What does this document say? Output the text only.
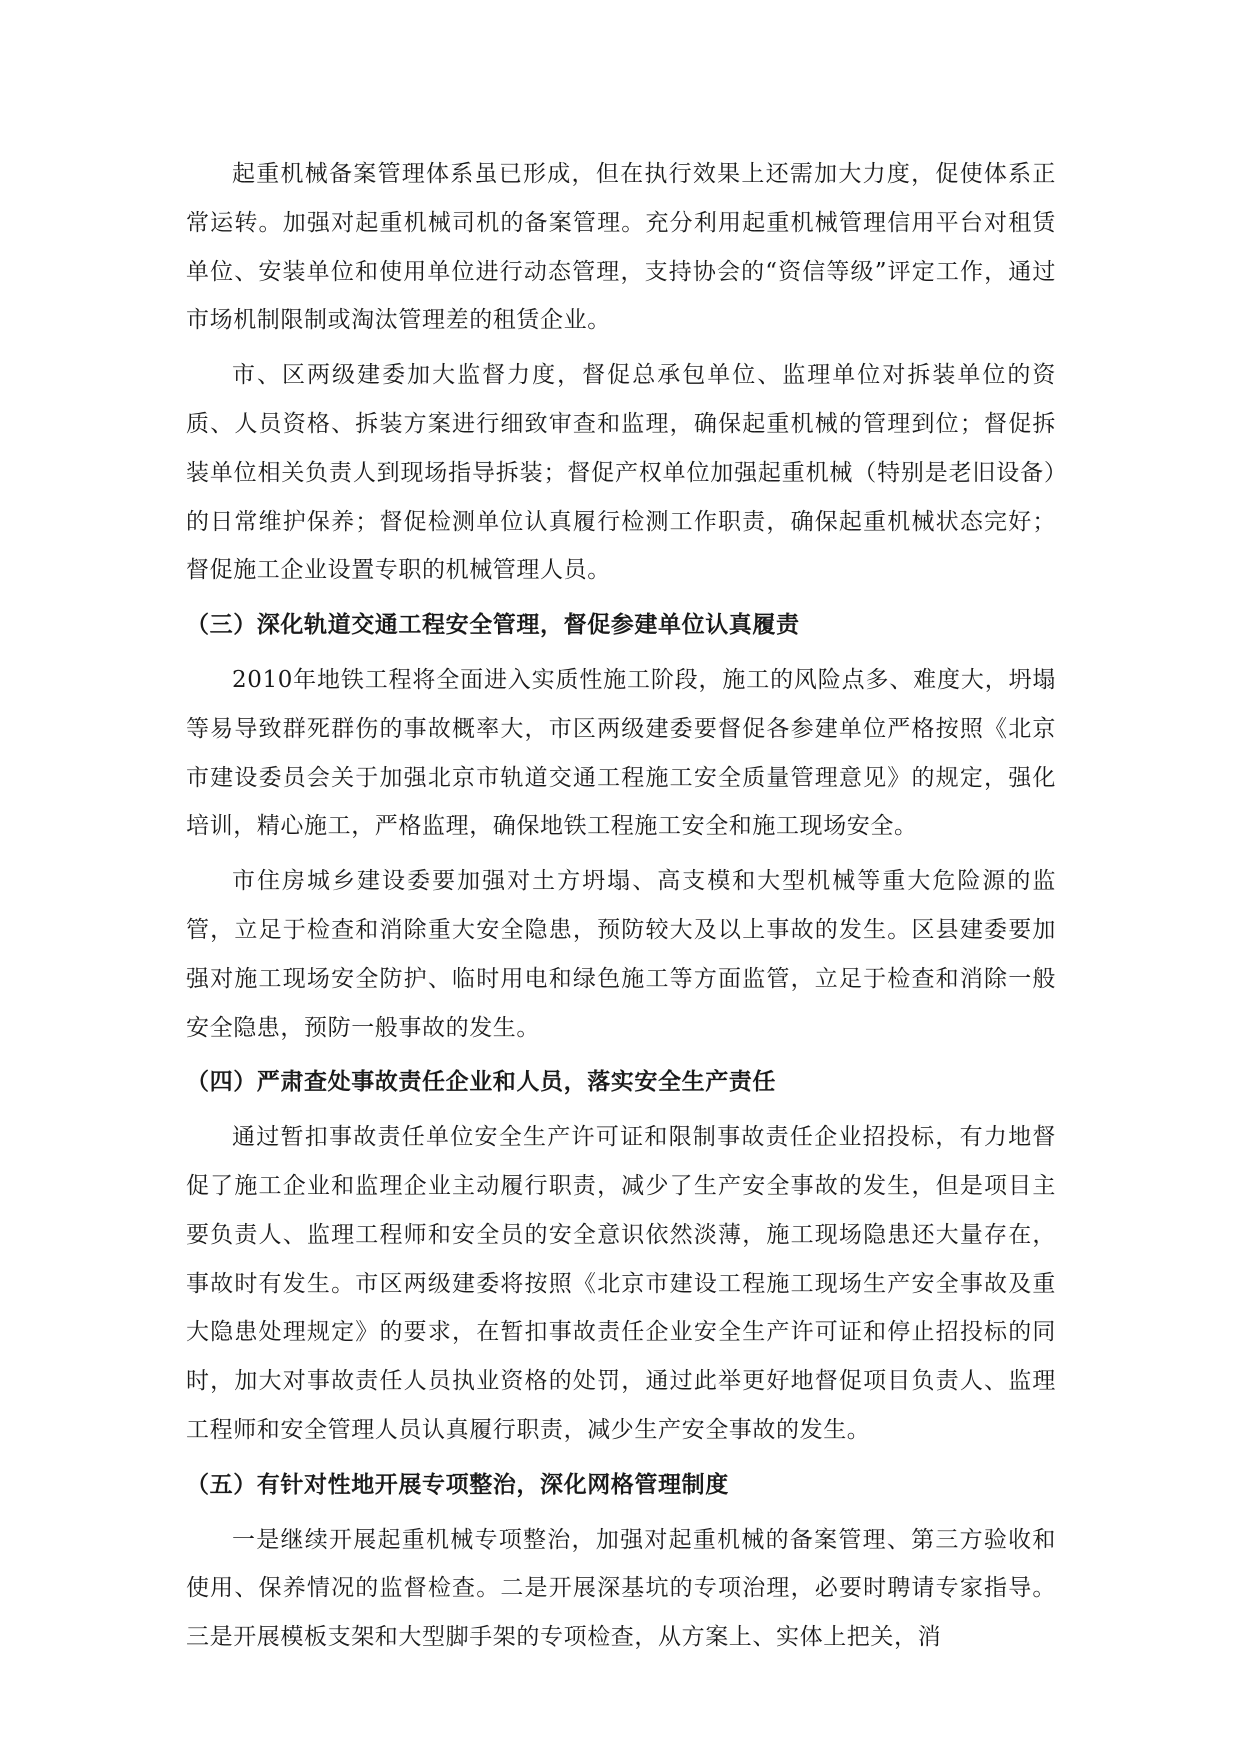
起重机械备案管理体系虽已形成，但在执行效果上还需加大力度，促使体系正常运转。加强对起重机械司机的备案管理。充分利用起重机械管理信用平台对租赁单位、安装单位和使用单位进行动态管理，支持协会的“资信等级”评定工作，通过市场机制限制或淘汰管理差的租赁企业。

市、区两级建委加大监督力度，督促总承包单位、监理单位对拆装单位的资质、人员资格、拆装方案进行细致审查和监理，确保起重机械的管理到位；督促拆装单位相关负责人到现场指导拆装；督促产权单位加强起重机械（特别是老旧设备）的日常维护保养；督促检测单位认真履行检测工作职责，确保起重机械状态完好；督促施工企业设置专职的机械管理人员。

（三）深化轨道交通工程安全管理，督促参建单位认真履责

2010年地铁工程将全面进入实质性施工阶段，施工的风险点多、难度大，坍塌等易导致群死群伤的事故概率大，市区两级建委要督促各参建单位严格按照《北京市建设委员会关于加强北京市轨道交通工程施工安全质量管理意见》的规定，强化培训，精心施工，严格监理，确保地铁工程施工安全和施工现场安全。

市住房城乡建设委要加强对土方坍塌、高支模和大型机械等重大危险源的监管，立足于检查和消除重大安全隐患，预防较大及以上事故的发生。区县建委要加强对施工现场安全防护、临时用电和绿色施工等方面监管，立足于检查和消除一般安全隐患，预防一般事故的发生。

（四）严肃查处事故责任企业和人员，落实安全生产责任

通过暂扣事故责任单位安全生产许可证和限制事故责任企业招投标，有力地督促了施工企业和监理企业主动履行职责，减少了生产安全事故的发生，但是项目主要负责人、监理工程师和安全员的安全意识依然淡薄，施工现场隐患还大量存在，事故时有发生。市区两级建委将按照《北京市建设工程施工现场生产安全事故及重大隐患处理规定》的要求，在暂扣事故责任企业安全生产许可证和停止招投标的同时，加大对事故责任人员执业资格的处罚，通过此举更好地督促项目负责人、监理工程师和安全管理人员认真履行职责，减少生产安全事故的发生。

（五）有针对性地开展专项整治，深化网格管理制度

一是继续开展起重机械专项整治，加强对起重机械的备案管理、第三方验收和使用、保养情况的监督检查。二是开展深基坑的专项治理，必要时聘请专家指导。三是开展模板支架和大型脚手架的专项检查，从方案上、实体上把关，消
